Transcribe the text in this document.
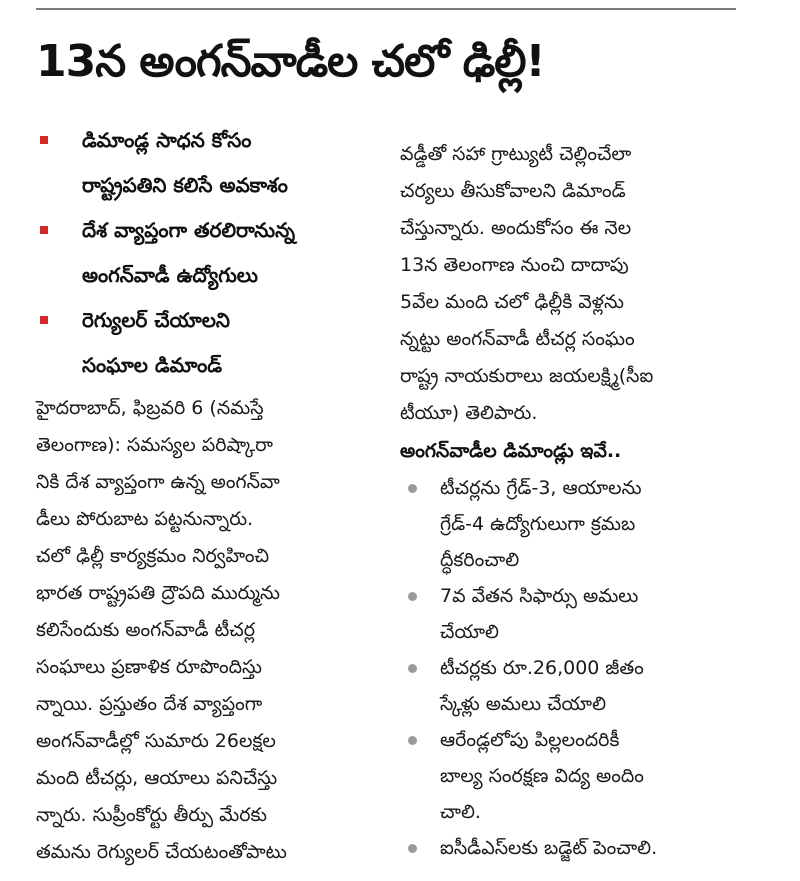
13న అంగన్‌వాడీల చలో ఢిల్లీ!
డిమాండ్ల సాధన కోసం
రాష్ట్రపతిని కలిసే అవకాశం
దేశ వ్యాప్తంగా తరలిరానున్న
అంగన్‌వాడీ ఉద్యోగులు
రెగ్యులర్‌ చేయాలని
సంఘాల డిమాండ్‌

హైదరాబాద్‌, ఫిబ్రవరి 6 (నమస్తే
తెలంగాణ): సమస్యల పరిష్కారా
నికి దేశ వ్యాప్తంగా ఉన్న అంగన్‌వా
డీలు పోరుబాట పట్టనున్నారు.
చలో ఢిల్లీ కార్యక్రమం నిర్వహించి
భారత రాష్ట్రపతి ద్రౌపది ముర్మును
కలిసేందుకు అంగన్‌వాడీ టీచర్ల
సంఘాలు ప్రణాళిక రూపొందిస్తు
న్నాయి. ప్రస్తుతం దేశ వ్యాప్తంగా
అంగన్‌వాడీల్లో సుమారు 26లక్షల
మంది టీచర్లు, ఆయాలు పనిచేస్తు
న్నారు. సుప్రీంకోర్టు తీర్పు మేరకు
తమను రెగ్యులర్‌ చేయటంతోపాటు

వడ్డీతో సహా గ్రాట్యుటీ చెల్లించేలా
చర్యలు తీసుకోవాలని డిమాండ్‌
చేస్తున్నారు. అందుకోసం ఈ నెల
13న తెలంగాణ నుంచి దాదాపు
5వేల మంది చలో ఢిల్లీకి వెళ్లను
న్నట్టు అంగన్‌వాడీ టీచర్ల సంఘం
రాష్ట్ర నాయకురాలు జయలక్ష్మి(సీఐ
టీయూ) తెలిపారు.

అంగన్‌వాడీల డిమాండ్లు ఇవే..

టీచర్లను గ్రేడ్‌-3, ఆయాలను
గ్రేడ్‌-4 ఉద్యోగులుగా క్రమబ
ద్ధీకరించాలి
7వ వేతన సిఫార్సు అమలు
చేయాలి
టీచర్లకు రూ.26,000 జీతం
స్కేళ్లు అమలు చేయాలి
ఆరేండ్లలోపు పిల్లలందరికీ
బాల్య సంరక్షణ విద్య అందిం
చాలి.
ఐసీడీఎస్‌లకు బడ్జెట్‌ పెంచాలి.
